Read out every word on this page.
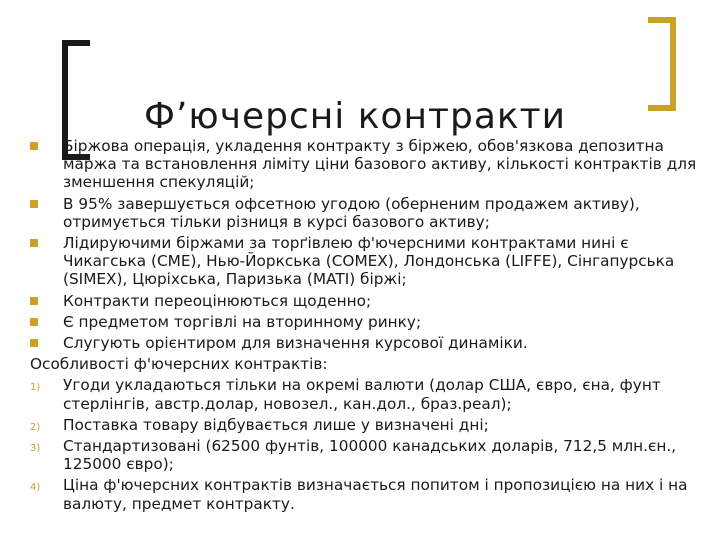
Ф’ючерсні контракти
Біржова операція, укладення контракту з біржею, обов'язкова депозитна маржа та встановлення ліміту ціни базового активу, кількості контрактів для зменшення спекуляцій;
В 95% завершується офсетною угодою (оберненим продажем активу), отримується тільки різниця в курсі базового активу;
Лідируючими біржами за торґівлею ф'ючерсними контрактами нині є Чикагська (CME), Нью-Йоркська (COMEX), Лондонська (LIFFE), Сінгапурська (SIMEX), Цюріхська, Паризька (MATI) біржі;
Контракти переоцінюються щоденно;
Є предметом торгівлі на вторинному ринку;
Слугують орієнтиром для визначення курсової динаміки.

Особливості ф'ючерсних контрактів:

1) Угоди укладаються тільки на окремі валюти (долар США, євро, єна, фунт стерлінгів, австр.долар, новозел., кан.дол., браз.реал);
2) Поставка товару відбувається лише у визначені дні;
3) Стандартизовані (62500 фунтів, 100000 канадських доларів, 712,5 млн.єн., 125000 євро);
4) Ціна ф'ючерсних контрактів визначається попитом і пропозицією на них і на валюту, предмет контракту.
